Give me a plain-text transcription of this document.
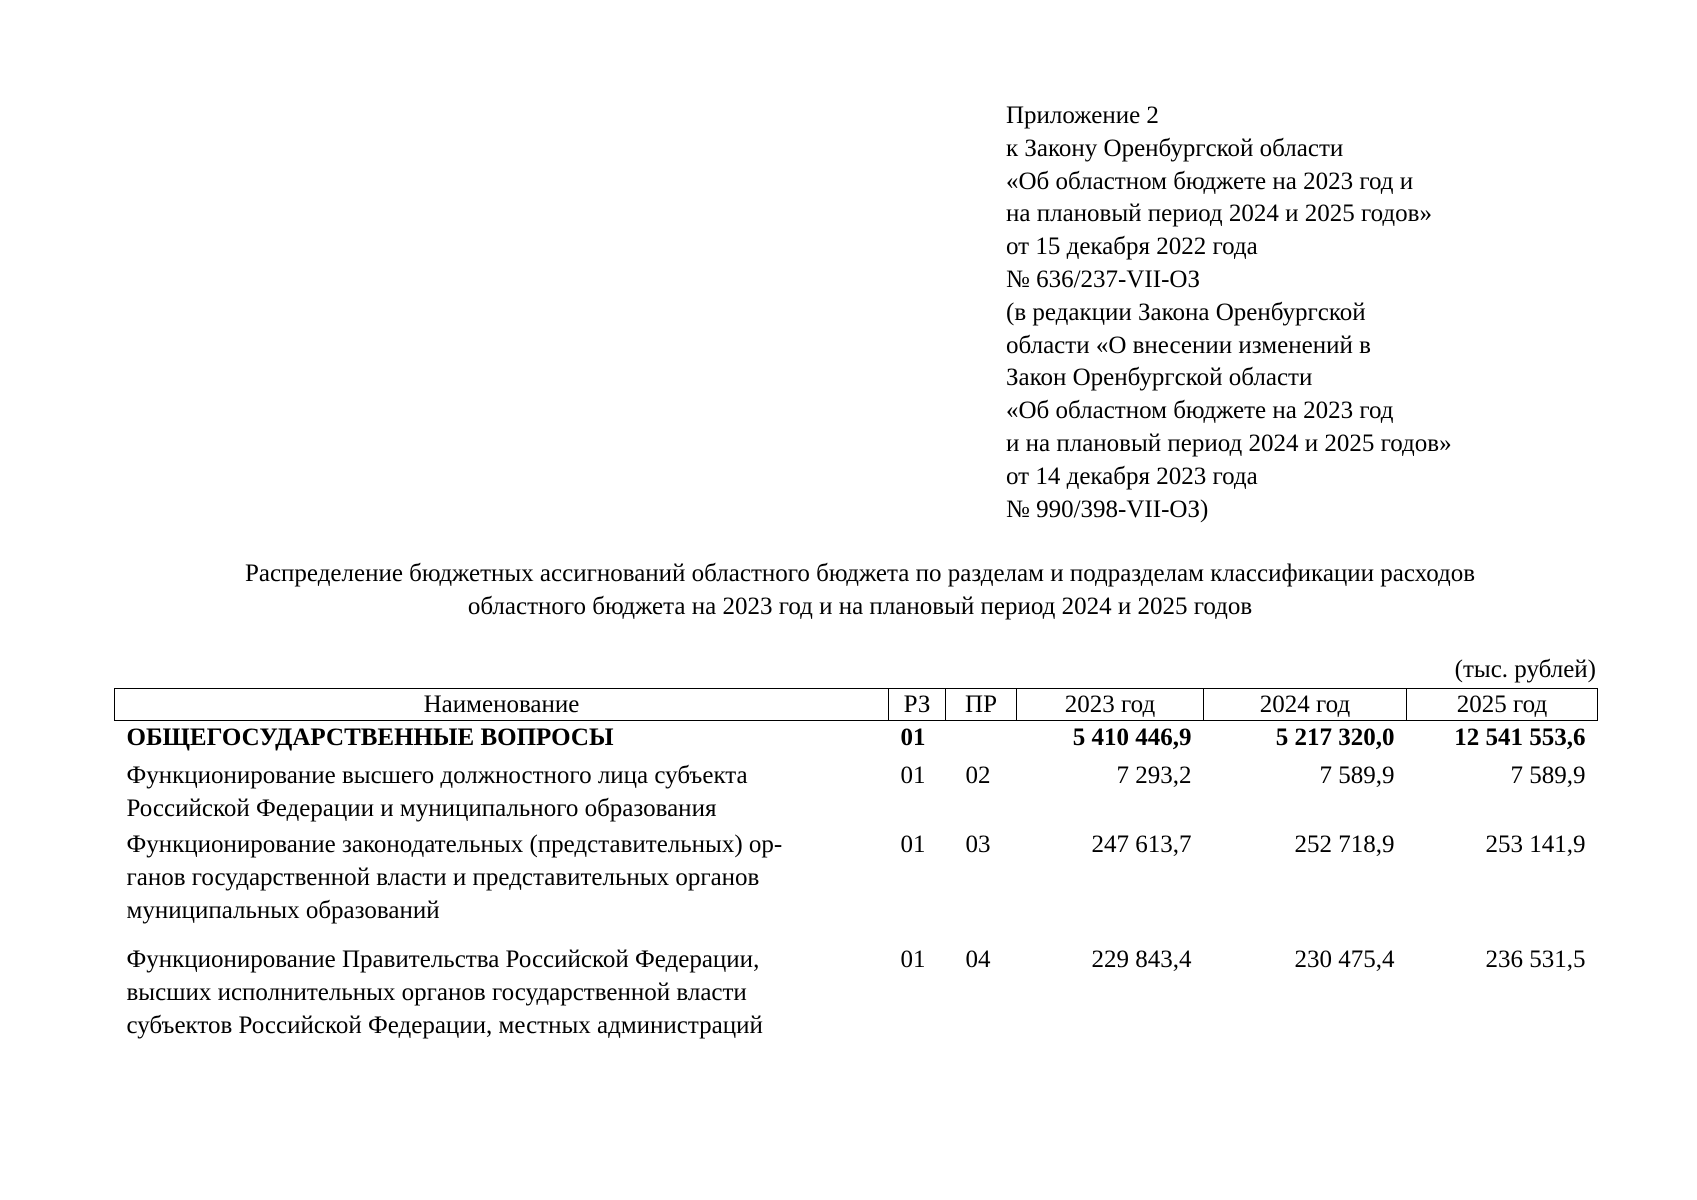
Приложение 2
к Закону Оренбургской области
«Об областном бюджете на 2023 год и
на плановый период 2024 и 2025 годов»
от 15 декабря 2022 года
№ 636/237-VII-ОЗ
(в редакции Закона Оренбургской
области «О внесении изменений в
Закон Оренбургской области
«Об областном бюджете на 2023 год
и на плановый период 2024 и 2025 годов»
от 14 декабря 2023 года
№ 990/398-VII-ОЗ)
Распределение бюджетных ассигнований областного бюджета по разделам и подразделам классификации расходов
областного бюджета на 2023 год и на плановый период 2024 и 2025 годов
(тыс. рублей)
Наименование	РЗ	ПР	2023 год	2024 год	2025 год

ОБЩЕГОСУДАРСТВЕННЫЕ ВОПРОСЫ	01		5 410 446,9	5 217 320,0	12 541 553,6

Функционирование высшего должностного лица субъекта
Российской Федерации и муниципального образования	01	02	7 293,2	7 589,9	7 589,9

Функционирование законодательных (представительных) ор-
ганов государственной власти и представительных органов
муниципальных образований	01	03	247 613,7	252 718,9	253 141,9

Функционирование Правительства Российской Федерации,
высших исполнительных органов государственной власти
субъектов Российской Федерации, местных администраций	01	04	229 843,4	230 475,4	236 531,5
